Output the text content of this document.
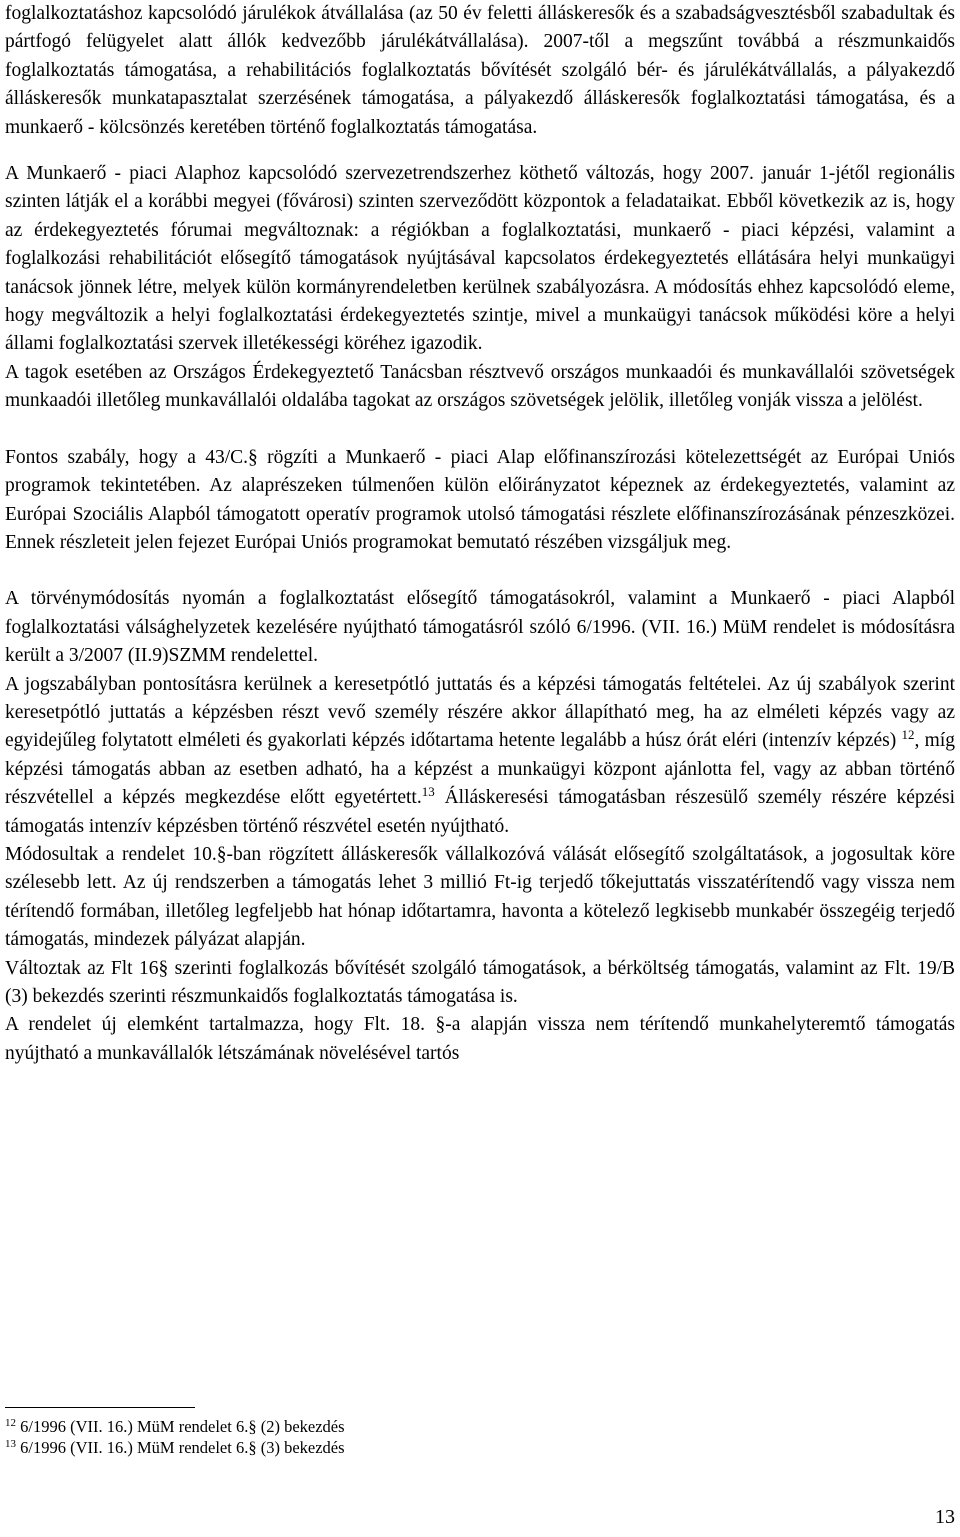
foglalkoztatáshoz kapcsolódó járulékok átvállalása (az 50 év feletti álláskeresők és a szabadságvesztésből szabadultak és pártfogó felügyelet alatt állók kedvezőbb járulékátvállalása). 2007-től a megszűnt továbbá a részmunkaidős foglalkoztatás támogatása, a rehabilitációs foglalkoztatás bővítését szolgáló bér- és járulékátvállalás, a pályakezdő álláskeresők munkatapasztalat szerzésének támogatása, a pályakezdő álláskeresők foglalkoztatási támogatása, és a munkaerő - kölcsönzés keretében történő foglalkoztatás támogatása.

A Munkaerő - piaci Alaphoz kapcsolódó szervezetrendszerhez köthető változás, hogy 2007. január 1-jétől regionális szinten látják el a korábbi megyei (fővárosi) szinten szerveződött központok a feladataikat. Ebből következik az is, hogy az érdekegyeztetés fórumai megváltoznak: a régiókban a foglalkoztatási, munkaerő - piaci képzési, valamint a foglalkozási rehabilitációt elősegítő támogatások nyújtásával kapcsolatos érdekegyeztetés ellátására helyi munkaügyi tanácsok jönnek létre, melyek külön kormányrendeletben kerülnek szabályozásra. A módosítás ehhez kapcsolódó eleme, hogy megváltozik a helyi foglalkoztatási érdekegyeztetés szintje, mivel a munkaügyi tanácsok működési köre a helyi állami foglalkoztatási szervek illetékességi köréhez igazodik.

A tagok esetében az Országos Érdekegyeztető Tanácsban résztvevő országos munkaadói és munkavállalói szövetségek munkaadói illetőleg munkavállalói oldalába tagokat az országos szövetségek jelölik, illetőleg vonják vissza a jelölést.

Fontos szabály, hogy a 43/C.§ rögzíti a Munkaerő - piaci Alap előfinanszírozási kötelezettségét az Európai Uniós programok tekintetében. Az alaprészeken túlmenően külön előirányzatot képeznek az érdekegyeztetés, valamint az Európai Szociális Alapból támogatott operatív programok utolsó támogatási részlete előfinanszírozásának pénzeszközei. Ennek részleteit jelen fejezet Európai Uniós programokat bemutató részében vizsgáljuk meg.

A törvénymódosítás nyomán a foglalkoztatást elősegítő támogatásokról, valamint a Munkaerő - piaci Alapból foglalkoztatási válsághelyzetek kezelésére nyújtható támogatásról szóló 6/1996. (VII. 16.) MüM rendelet is módosításra került a 3/2007 (II.9)SZMM rendelettel.

A jogszabályban pontosításra kerülnek a keresetpótló juttatás és a képzési támogatás feltételei. Az új szabályok szerint keresetpótló juttatás a képzésben részt vevő személy részére akkor állapítható meg, ha az elméleti képzés vagy az egyidejűleg folytatott elméleti és gyakorlati képzés időtartama hetente legalább a húsz órát eléri (intenzív képzés) $^{12}$, míg képzési támogatás abban az esetben adható, ha a képzést a munkaügyi központ ajánlotta fel, vagy az abban történő részvétellel a képzés megkezdése előtt egyetértett.$^{13}$ Álláskeresési támogatásban részesülő személy részére képzési támogatás intenzív képzésben történő részvétel esetén nyújtható.

Módosultak a rendelet 10.§-ban rögzített álláskeresők vállalkozóvá válását elősegítő szolgáltatások, a jogosultak köre szélesebb lett. Az új rendszerben a támogatás lehet 3 millió Ft-ig terjedő tőkejuttatás visszatérítendő vagy vissza nem térítendő formában, illetőleg legfeljebb hat hónap időtartamra, havonta a kötelező legkisebb munkabér összegéig terjedő támogatás, mindezek pályázat alapján.

Változtak az Flt 16§ szerinti foglalkozás bővítését szolgáló támogatások, a bérköltség támogatás, valamint az Flt. 19/B (3) bekezdés szerinti részmunkaidős foglalkoztatás támogatása is.

A rendelet új elemként tartalmazza, hogy Flt. 18. §-a alapján vissza nem térítendő munkahelyteremtő támogatás nyújtható a munkavállalók létszámának növelésével tartós

$^{12}$ 6/1996 (VII. 16.) MüM rendelet 6.§ (2) bekezdés
$^{13}$ 6/1996 (VII. 16.) MüM rendelet 6.§ (3) bekezdés
13
